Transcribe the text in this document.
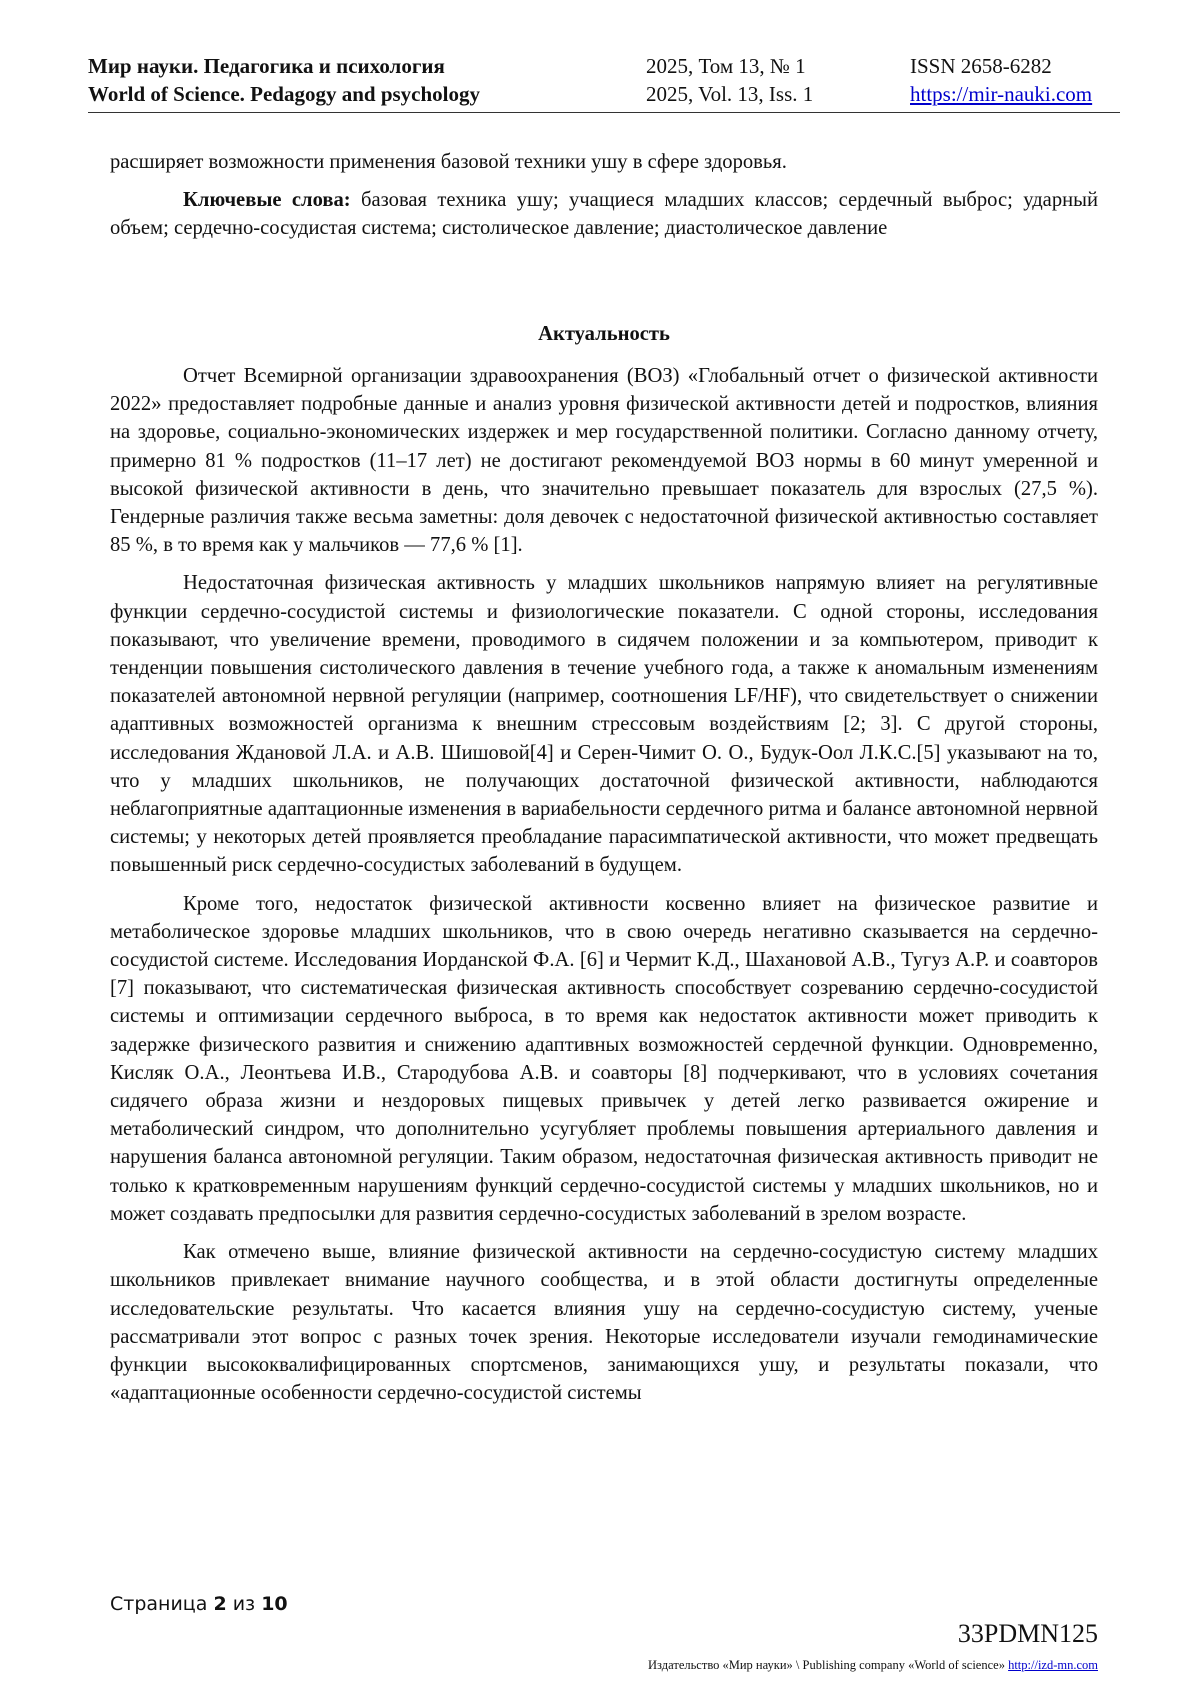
Мир науки. Педагогика и психология
World of Science. Pedagogy and psychology
2025, Том 13, № 1
2025, Vol. 13, Iss. 1
ISSN 2658-6282
https://mir-nauki.com

расширяет возможности применения базовой техники ушу в сфере здоровья.

Ключевые слова: базовая техника ушу; учащиеся младших классов; сердечный выброс; ударный объем; сердечно-сосудистая система; систолическое давление; диастолическое давление

Актуальность

Отчет Всемирной организации здравоохранения (ВОЗ) «Глобальный отчет о физической активности 2022» предоставляет подробные данные и анализ уровня физической активности детей и подростков, влияния на здоровье, социально-экономических издержек и мер государственной политики. Согласно данному отчету, примерно 81 % подростков (11–17 лет) не достигают рекомендуемой ВОЗ нормы в 60 минут умеренной и высокой физической активности в день, что значительно превышает показатель для взрослых (27,5 %). Гендерные различия также весьма заметны: доля девочек с недостаточной физической активностью составляет 85 %, в то время как у мальчиков — 77,6 % [1].

Недостаточная физическая активность у младших школьников напрямую влияет на регулятивные функции сердечно-сосудистой системы и физиологические показатели. С одной стороны, исследования показывают, что увеличение времени, проводимого в сидячем положении и за компьютером, приводит к тенденции повышения систолического давления в течение учебного года, а также к аномальным изменениям показателей автономной нервной регуляции (например, соотношения LF/HF), что свидетельствует о снижении адаптивных возможностей организма к внешним стрессовым воздействиям [2; 3]. С другой стороны, исследования Ждановой Л.А. и А.В. Шишовой[4] и Серен-Чимит О. О., Будук-Оол Л.К.С.[5] указывают на то, что у младших школьников, не получающих достаточной физической активности, наблюдаются неблагоприятные адаптационные изменения в вариабельности сердечного ритма и балансе автономной нервной системы; у некоторых детей проявляется преобладание парасимпатической активности, что может предвещать повышенный риск сердечно-сосудистых заболеваний в будущем.

Кроме того, недостаток физической активности косвенно влияет на физическое развитие и метаболическое здоровье младших школьников, что в свою очередь негативно сказывается на сердечно-сосудистой системе. Исследования Иорданской Ф.А. [6] и Чермит К.Д., Шахановой А.В., Тугуз А.Р. и соавторов [7] показывают, что систематическая физическая активность способствует созреванию сердечно-сосудистой системы и оптимизации сердечного выброса, в то время как недостаток активности может приводить к задержке физического развития и снижению адаптивных возможностей сердечной функции. Одновременно, Кисляк О.А., Леонтьева И.В., Стародубова А.В. и соавторы [8] подчеркивают, что в условиях сочетания сидячего образа жизни и нездоровых пищевых привычек у детей легко развивается ожирение и метаболический синдром, что дополнительно усугубляет проблемы повышения артериального давления и нарушения баланса автономной регуляции. Таким образом, недостаточная физическая активность приводит не только к кратковременным нарушениям функций сердечно-сосудистой системы у младших школьников, но и может создавать предпосылки для развития сердечно-сосудистых заболеваний в зрелом возрасте.

Как отмечено выше, влияние физической активности на сердечно-сосудистую систему младших школьников привлекает внимание научного сообщества, и в этой области достигнуты определенные исследовательские результаты. Что касается влияния ушу на сердечно-сосудистую систему, ученые рассматривали этот вопрос с разных точек зрения. Некоторые исследователи изучали гемодинамические функции высококвалифицированных спортсменов, занимающихся ушу, и результаты показали, что «адаптационные особенности сердечно-сосудистой системы

Страница 2 из 10
33PDMN125
Издательство «Мир науки» \ Publishing company «World of science» http://izd-mn.com
